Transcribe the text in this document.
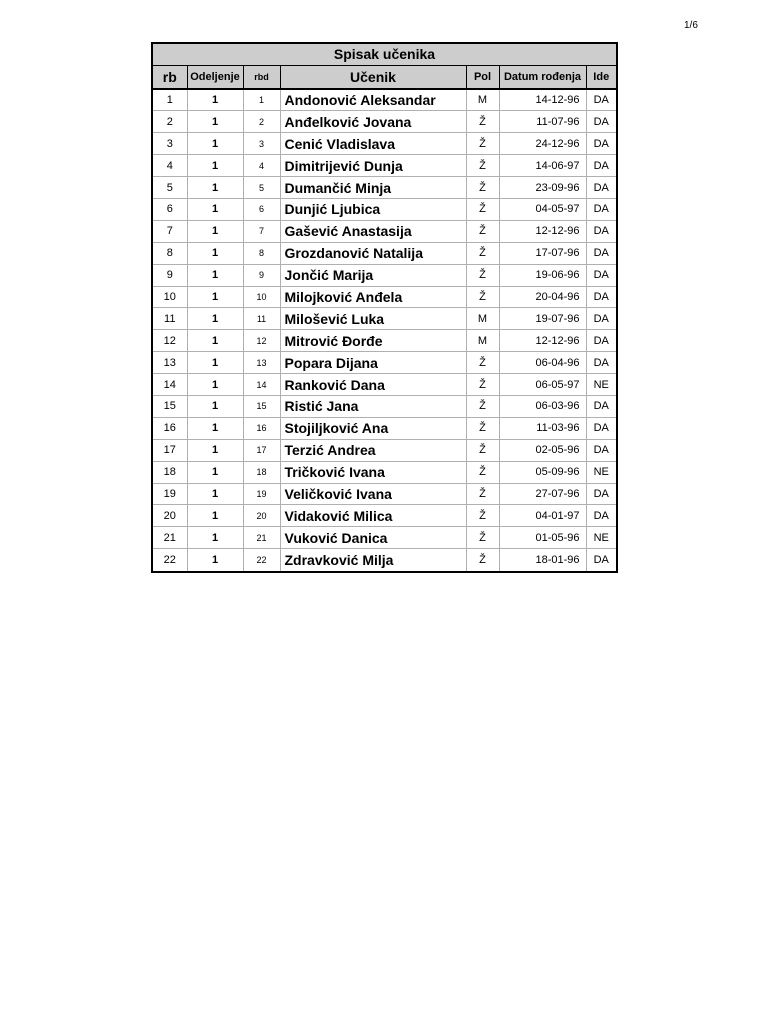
1/6
Spisak učenika						
rb	Odeljenje	rbd	Učenik	Pol	Datum rođenja	Ide
1	1	1	Andonović Aleksandar	M	14-12-96	DA
2	1	2	Anđelković Jovana	Ž	11-07-96	DA
3	1	3	Cenić Vladislava	Ž	24-12-96	DA
4	1	4	Dimitrijević Dunja	Ž	14-06-97	DA
5	1	5	Dumančić Minja	Ž	23-09-96	DA
6	1	6	Dunjić Ljubica	Ž	04-05-97	DA
7	1	7	Gašević Anastasija	Ž	12-12-96	DA
8	1	8	Grozdanović Natalija	Ž	17-07-96	DA
9	1	9	Jončić Marija	Ž	19-06-96	DA
10	1	10	Milojković Anđela	Ž	20-04-96	DA
11	1	11	Milošević Luka	M	19-07-96	DA
12	1	12	Mitrović Đorđe	M	12-12-96	DA
13	1	13	Popara Dijana	Ž	06-04-96	DA
14	1	14	Ranković Dana	Ž	06-05-97	NE
15	1	15	Ristić Jana	Ž	06-03-96	DA
16	1	16	Stojiljković Ana	Ž	11-03-96	DA
17	1	17	Terzić Andrea	Ž	02-05-96	DA
18	1	18	Tričković Ivana	Ž	05-09-96	NE
19	1	19	Veličković Ivana	Ž	27-07-96	DA
20	1	20	Vidaković Milica	Ž	04-01-97	DA
21	1	21	Vuković Danica	Ž	01-05-96	NE
22	1	22	Zdravković Milja	Ž	18-01-96	DA
